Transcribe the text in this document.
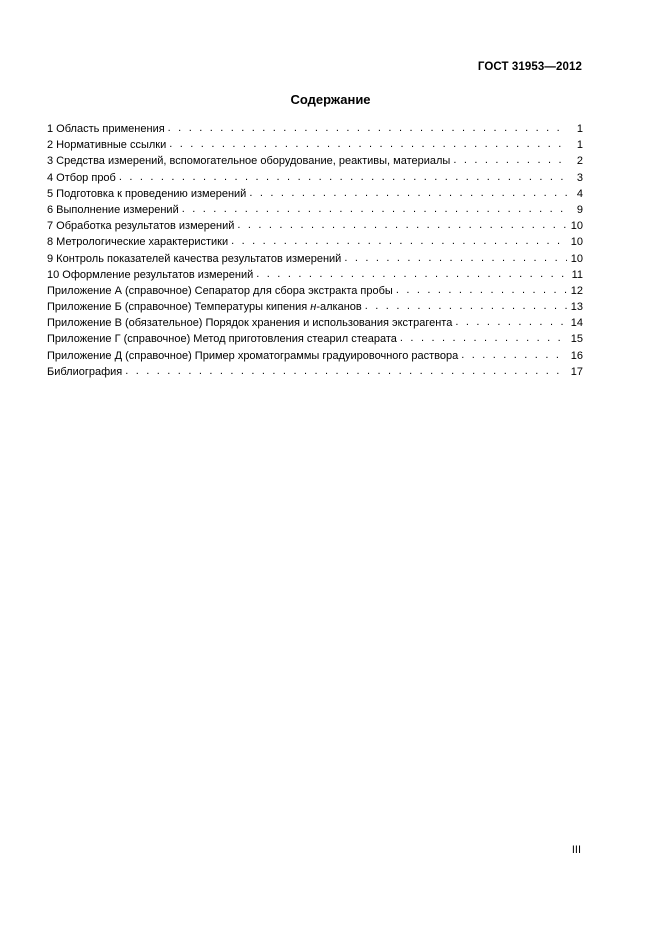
ГОСТ 31953—2012
Содержание
1 Область применения . . .	1
2 Нормативные ссылки . . .	1
3 Средства измерений, вспомогательное оборудование, реактивы, материалы . . .	2
4 Отбор проб . . .	3
5 Подготовка к проведению измерений . . .	4
6 Выполнение измерений . . .	9
7 Обработка результатов измерений . . .	10
8 Метрологические характеристики . . .	10
9 Контроль показателей качества результатов измерений . . .	10
10 Оформление результатов измерений . . .	11
Приложение А (справочное) Сепаратор для сбора экстракта пробы . . .	12
Приложение Б (справочное) Температуры кипения н-алканов . . .	13
Приложение В (обязательное) Порядок хранения и использования экстрагента . . .	14
Приложение Г (справочное) Метод приготовления стеарил стеарата . . .	15
Приложение Д (справочное) Пример хроматограммы градуировочного раствора . . .	16
Библиография . . .	17
III
